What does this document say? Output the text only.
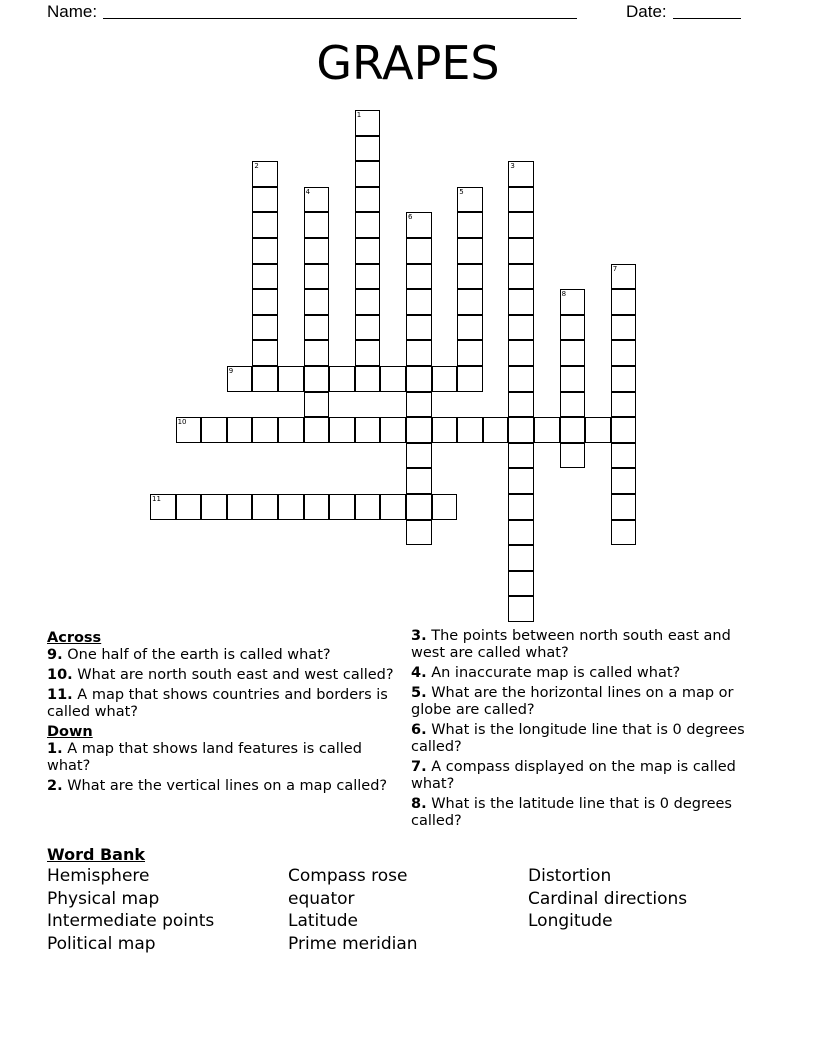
Name:	Date:
GRAPES
1
2	3
4	5
6
7
8
9
10
11
Across
9. One half of the earth is called what?
10. What are north south east and west called?
11. A map that shows countries and borders is called what?
Down
1. A map that shows land features is called what?
2. What are the vertical lines on a map called?
3. The points between north south east and west are called what?
4. An inaccurate map is called what?
5. What are the horizontal lines on a map or globe are called?
6. What is the longitude line that is 0 degrees called?
7. A compass displayed on the map is called what?
8. What is the latitude line that is 0 degrees called?
Word Bank
Hemisphere	Compass rose	Distortion
Physical map	equator	Cardinal directions
Intermediate points	Latitude	Longitude
Political map	Prime meridian
